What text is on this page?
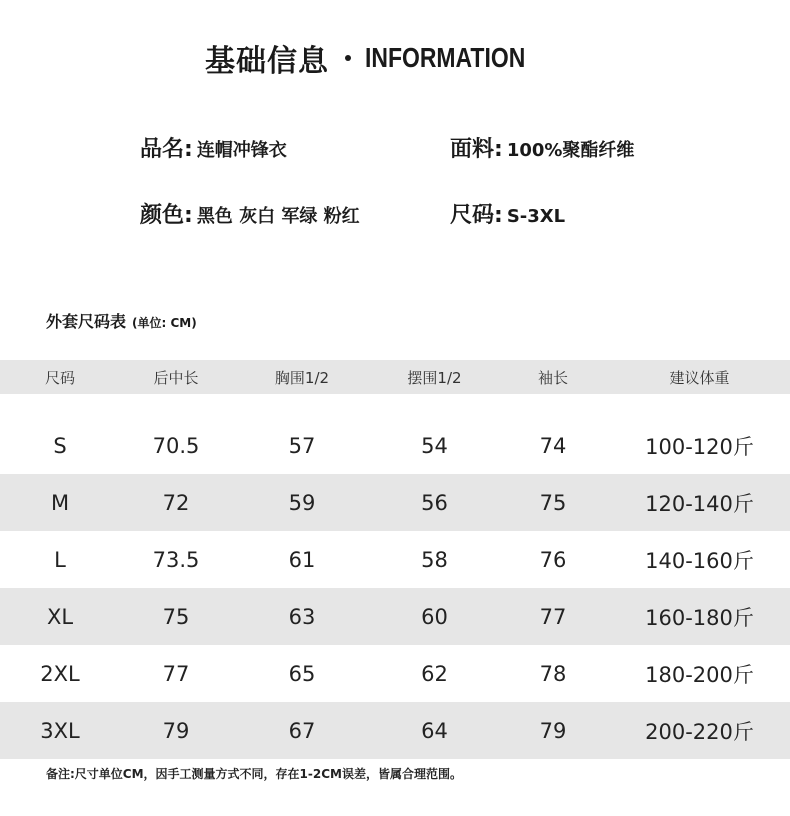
基础信息 INFORMATION
品名: 连帽冲锋衣	面料: 100%聚酯纤维
颜色: 黑色 灰白 军绿 粉红	尺码: S-3XL
外套尺码表 (单位: CM)
尺码	后中长	胸围1/2	摆围1/2	袖长	建议体重
S	70.5	57	54	74	100-120斤
M	72	59	56	75	120-140斤
L	73.5	61	58	76	140-160斤
XL	75	63	60	77	160-180斤
2XL	77	65	62	78	180-200斤
3XL	79	67	64	79	200-220斤
备注:尺寸单位CM，因手工测量方式不同，存在1-2CM误差，皆属合理范围。
